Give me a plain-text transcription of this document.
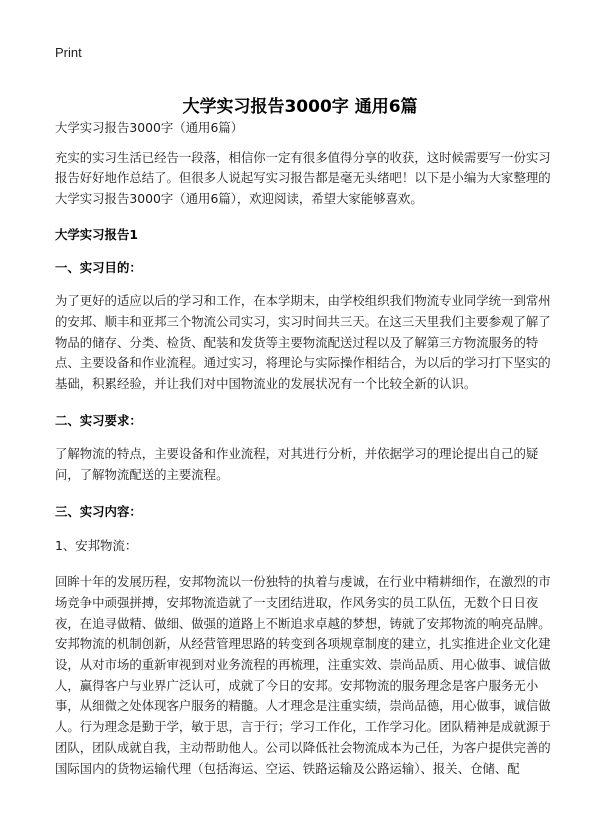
Print
大学实习报告3000字 通用6篇

大学实习报告3000字（通用6篇）

充实的实习生活已经告一段落，相信你一定有很多值得分享的收获，这时候需要写一份实习报告好好地作总结了。但很多人说起写实习报告都是毫无头绪吧！以下是小编为大家整理的大学实习报告3000字（通用6篇），欢迎阅读，希望大家能够喜欢。

大学实习报告1

一、实习目的：

为了更好的适应以后的学习和工作，在本学期末，由学校组织我们物流专业同学统一到常州的安邦、顺丰和亚邦三个物流公司实习，实习时间共三天。在这三天里我们主要参观了解了物品的储存、分类、检货、配装和发货等主要物流配送过程以及了解第三方物流服务的特点、主要设备和作业流程。通过实习，将理论与实际操作相结合，为以后的学习打下坚实的基础，积累经验，并让我们对中国物流业的发展状况有一个比较全新的认识。

二、实习要求：

了解物流的特点，主要设备和作业流程，对其进行分析，并依据学习的理论提出自己的疑问，了解物流配送的主要流程。

三、实习内容：

1、安邦物流：

回眸十年的发展历程，安邦物流以一份独特的执着与虔诚，在行业中精耕细作，在激烈的市场竞争中顽强拼搏，安邦物流造就了一支团结进取，作风务实的员工队伍，无数个日日夜夜，在追寻做精、做细、做强的道路上不断追求卓越的梦想，铸就了安邦物流的响亮品牌。安邦物流的机制创新，从经营管理思路的转变到各项规章制度的建立，扎实推进企业文化建设，从对市场的重新审视到对业务流程的再梳理，注重实效、崇尚品质、用心做事、诚信做人，赢得客户与业界广泛认可，成就了今日的安邦。安邦物流的服务理念是客户服务无小事，从细微之处体现客户服务的精髓。人才理念是注重实绩，崇尚品德，用心做事，诚信做人。行为理念是勤于学，敏于思，言于行；学习工作化，工作学习化。团队精神是成就源于团队，团队成就自我，主动帮助他人。公司以降低社会物流成本为己任，为客户提供完善的国际国内的货物运输代理（包括海运、空运、铁路运输及公路运输）、报关、仓储、配
